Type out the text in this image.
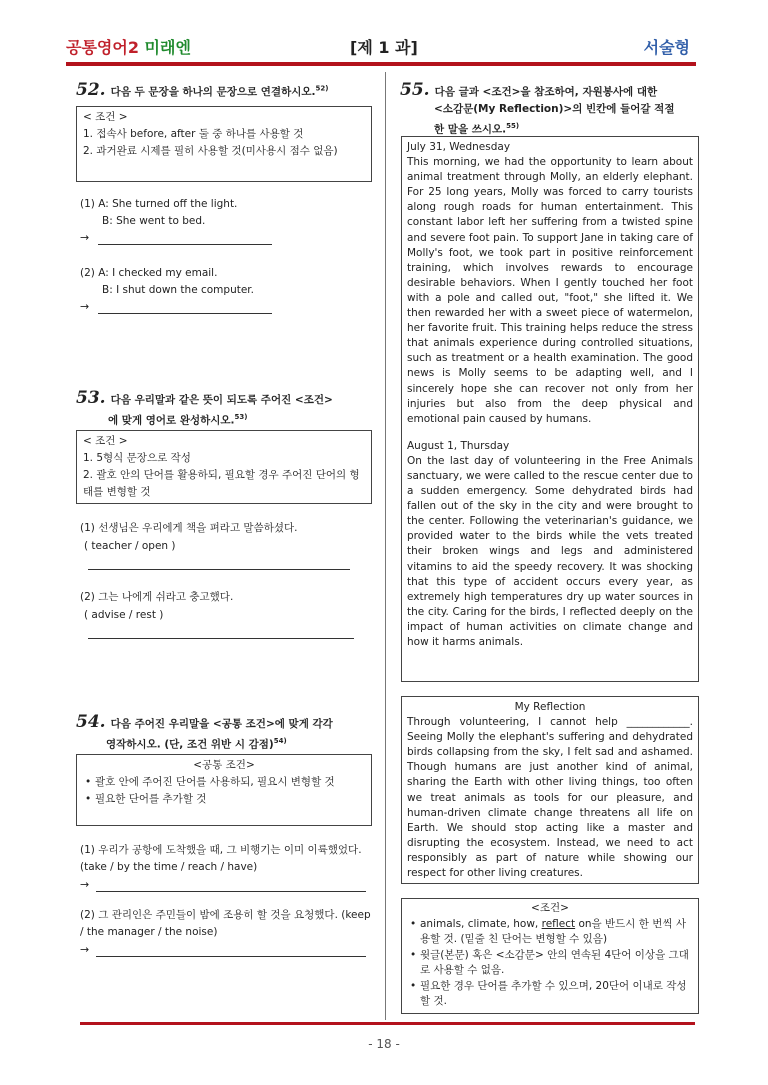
공통영어2 미래엔	[제 1 과]	서술형
52. 다음 두 문장을 하나의 문장으로 연결하시오.$^{52)}$
< 조건 >
1. 접속사 before, after 둘 중 하나를 사용할 것
2. 과거완료 시제를 필히 사용할 것(미사용시 점수 없음)
(1) A: She turned off the light.
B: She went to bed.
→
(2) A: I checked my email.
B: I shut down the computer.
→
53. 다음 우리말과 같은 뜻이 되도록 주어진 <조건>
에 맞게 영어로 완성하시오.$^{53)}$
< 조건 >
1. 5형식 문장으로 작성
2. 괄호 안의 단어를 활용하되, 필요할 경우 주어진 단어의 형태를 변형할 것
(1) 선생님은 우리에게 책을 펴라고 말씀하셨다.
( teacher / open )
(2) 그는 나에게 쉬라고 충고했다.
( advise / rest )
54. 다음 주어진 우리말을 <공통 조건>에 맞게 각각
영작하시오. (단, 조건 위반 시 감점)$^{54)}$
<공통 조건>
• 괄호 안에 주어진 단어를 사용하되, 필요시 변형할 것
• 필요한 단어를 추가할 것
(1) 우리가 공항에 도착했을 때, 그 비행기는 이미 이륙했었다. (take / by the time / reach / have)
→
(2) 그 관리인은 주민들이 밤에 조용히 할 것을 요청했다. (keep / the manager / the noise)
→
55. 다음 글과 <조건>을 참조하여, 자원봉사에 대한
<소감문(My Reflection)>의 빈칸에 들어갈 적절
한 말을 쓰시오.$^{55)}$

July 31, Wednesday

This morning, we had the opportunity to learn about animal treatment through Molly, an elderly elephant. For 25 long years, Molly was forced to carry tourists along rough roads for human entertainment. This constant labor left her suffering from a twisted spine and severe foot pain. To support Jane in taking care of Molly's foot, we took part in positive reinforcement training, which involves rewards to encourage desirable behaviors. When I gently touched her foot with a pole and called out, "foot," she lifted it. We then rewarded her with a sweet piece of watermelon, her favorite fruit. This training helps reduce the stress that animals experience during controlled situations, such as treatment or a health examination. The good news is Molly seems to be adapting well, and I sincerely hope she can recover not only from her injuries but also from the deep physical and emotional pain caused by humans.

August 1, Thursday

On the last day of volunteering in the Free Animals sanctuary, we were called to the rescue center due to a sudden emergency. Some dehydrated birds had fallen out of the sky in the city and were brought to the center. Following the veterinarian's guidance, we provided water to the birds while the vets treated their broken wings and legs and administered vitamins to aid the speedy recovery. It was shocking that this type of accident occurs every year, as extremely high temperatures dry up water sources in the city. Caring for the birds, I reflected deeply on the impact of human activities on climate change and how it harms animals.

My Reflection

Through volunteering, I cannot help ____________. Seeing Molly the elephant's suffering and dehydrated birds collapsing from the sky, I felt sad and ashamed. Though humans are just another kind of animal, sharing the Earth with other living things, too often we treat animals as tools for our pleasure, and human-driven climate change threatens all life on Earth. We should stop acting like a master and disrupting the ecosystem. Instead, we need to act responsibly as part of nature while showing our respect for other living creatures.

<조건>
• animals, climate, how, reflect on을 반드시 한 번씩 사용할 것. (밑줄 친 단어는 변형할 수 있음)
• 윗글(본문) 혹은 <소감문> 안의 연속된 4단어 이상을 그대로 사용할 수 없음.
• 필요한 경우 단어를 추가할 수 있으며, 20단어 이내로 작성할 것.
- 18 -
